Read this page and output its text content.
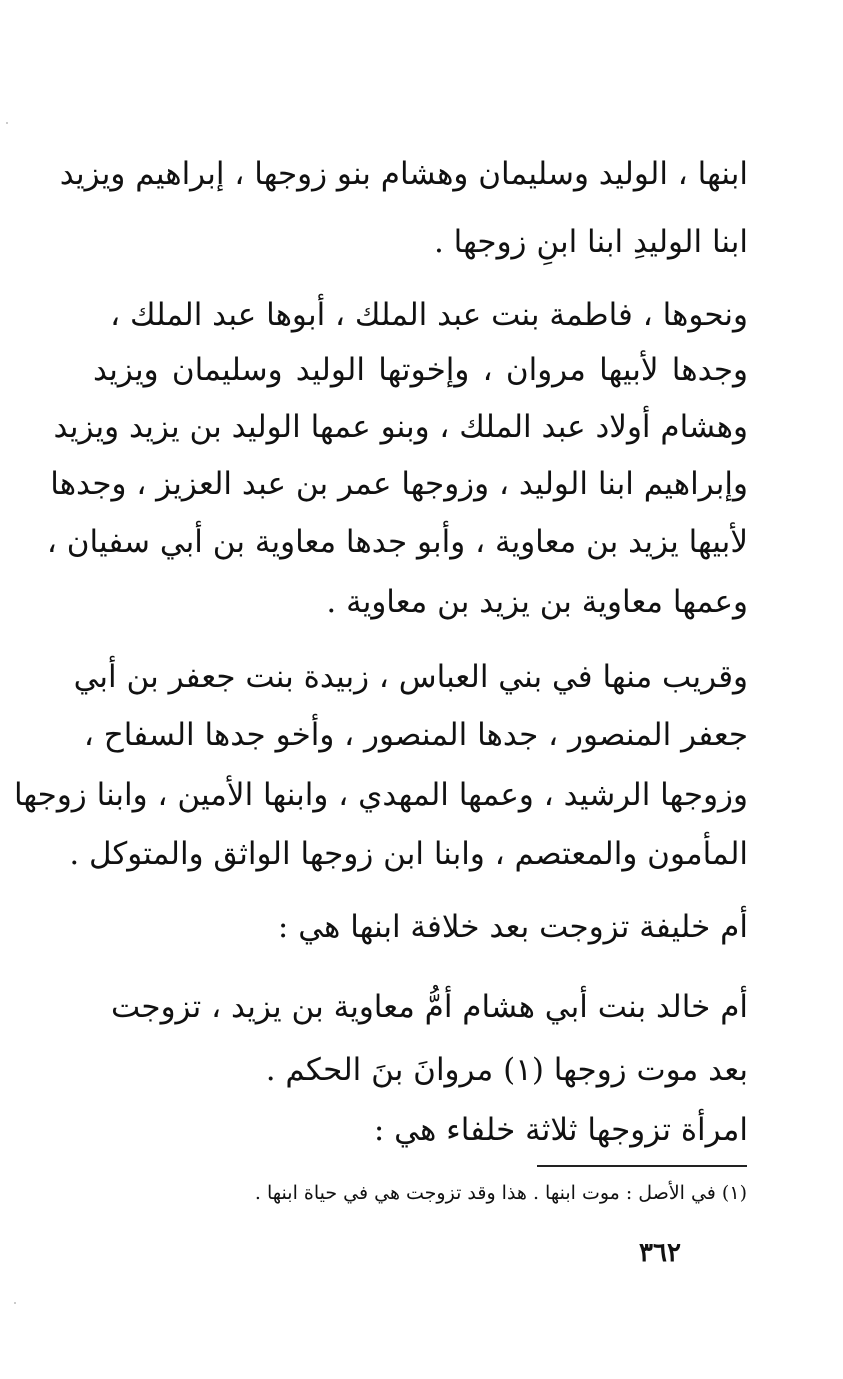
ابنها ، الوليد وسليمان وهشام بنو زوجها ، إبراهيم ويزيد
ابنا الوليدِ ابنا ابنِ زوجها .
ونحوها ، فاطمة بنت عبد الملك ، أبوها عبد الملك ،
وجدها لأبيها مروان ، وإخوتها الوليد وسليمان ويزيد
وهشام أولاد عبد الملك ، وبنو عمها الوليد بن يزيد ويزيد
وإبراهيم ابنا الوليد ، وزوجها عمر بن عبد العزيز ، وجدها
لأبيها يزيد بن معاوية ، وأبو جدها معاوية بن أبي سفيان ،
وعمها معاوية بن يزيد بن معاوية .
وقريب منها في بني العباس ، زبيدة بنت جعفر بن أبي
جعفر المنصور ، جدها المنصور ، وأخو جدها السفاح ،
وزوجها الرشيد ، وعمها المهدي ، وابنها الأمين ، وابنا زوجها
المأمون والمعتصم ، وابنا ابن زوجها الواثق والمتوكل .
أم خليفة تزوجت بعد خلافة ابنها هي :
أم خالد بنت أبي هشام أمُّ معاوية بن يزيد ، تزوجت
بعد موت زوجها (١) مروانَ بنَ الحكم .
امرأة تزوجها ثلاثة خلفاء هي :
(١) في الأصل : موت ابنها . هذا وقد تزوجت هي في حياة ابنها .
٣٦٢
